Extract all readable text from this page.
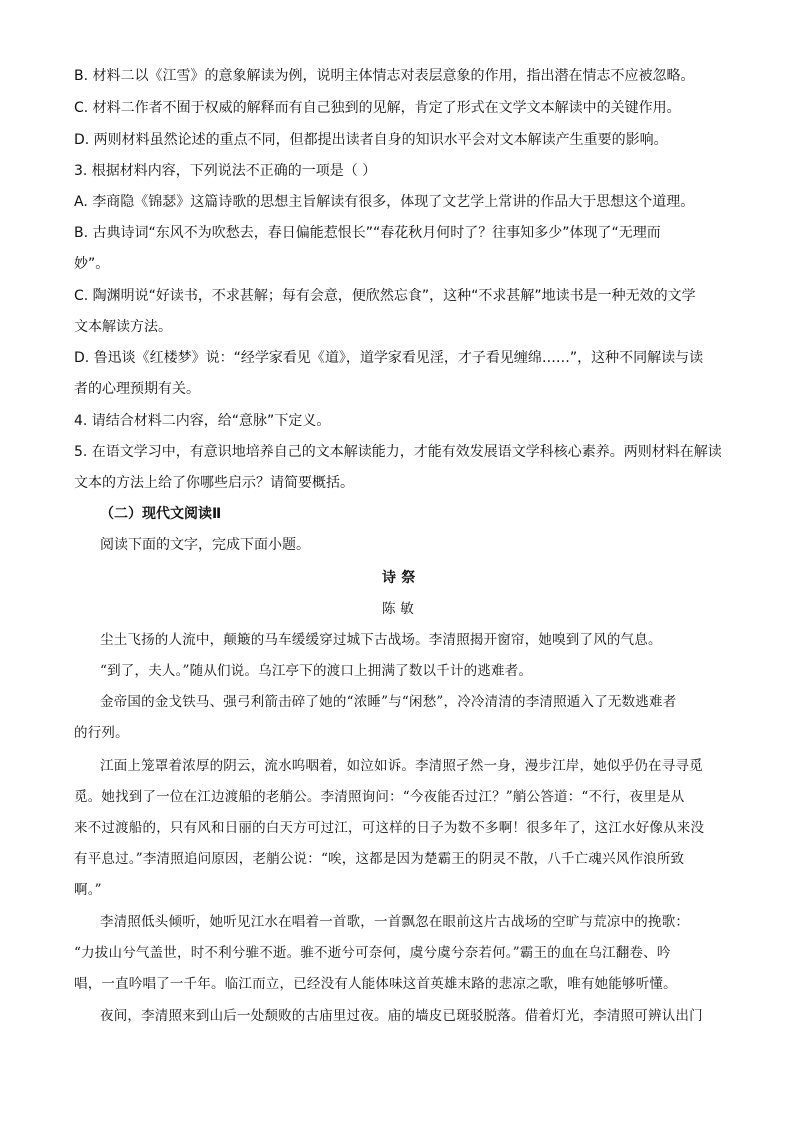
B. 材料二以《江雪》的意象解读为例，说明主体情志对表层意象的作用，指出潜在情志不应被忽略。
C. 材料二作者不囿于权威的解释而有自己独到的见解，肯定了形式在文学文本解读中的关键作用。
D. 两则材料虽然论述的重点不同，但都提出读者自身的知识水平会对文本解读产生重要的影响。
3. 根据材料内容，下列说法不正确的一项是（ ）
A. 李商隐《锦瑟》这篇诗歌的思想主旨解读有很多，体现了文艺学上常讲的作品大于思想这个道理。
B. 古典诗词“东风不为吹愁去，春日偏能惹恨长”“春花秋月何时了？往事知多少”体现了“无理而
妙”。
C. 陶渊明说“好读书，不求甚解；每有会意，便欣然忘食”，这种“不求甚解”地读书是一种无效的文学
文本解读方法。
D. 鲁迅谈《红楼梦》说：“经学家看见《道》，道学家看见淫，才子看见缠绵……”，这种不同解读与读
者的心理预期有关。
4. 请结合材料二内容，给“意脉”下定义。
5. 在语文学习中，有意识地培养自己的文本解读能力，才能有效发展语文学科核心素养。两则材料在解读
文本的方法上给了你哪些启示？请简要概括。
（二）现代文阅读Ⅱ
阅读下面的文字，完成下面小题。
诗 祭
陈 敏
尘土飞扬的人流中，颠簸的马车缓缓穿过城下古战场。李清照揭开窗帘，她嗅到了风的气息。
“到了，夫人。”随从们说。乌江亭下的渡口上拥满了数以千计的逃难者。
金帝国的金戈铁马、强弓利箭击碎了她的“浓睡”与“闲愁”，冷冷清清的李清照遁入了无数逃难者
的行列。
江面上笼罩着浓厚的阴云，流水呜咽着，如泣如诉。李清照孑然一身，漫步江岸，她似乎仍在寻寻觅
觅。她找到了一位在江边渡船的老艄公。李清照询问：“今夜能否过江？”艄公答道：“不行，夜里是从
来不过渡船的，只有风和日丽的白天方可过江，可这样的日子为数不多啊！很多年了，这江水好像从来没
有平息过。”李清照追问原因，老艄公说：“唉，这都是因为楚霸王的阴灵不散，八千亡魂兴风作浪所致
啊。”
李清照低头倾听，她听见江水在唱着一首歌，一首飘忽在眼前这片古战场的空旷与荒凉中的挽歌：
“力拔山兮气盖世，时不利兮骓不逝。骓不逝兮可奈何，虞兮虞兮奈若何。”霸王的血在乌江翻卷、吟
唱，一直吟唱了一千年。临江而立，已经没有人能体味这首英雄末路的悲凉之歌，唯有她能够听懂。
夜间，李清照来到山后一处颓败的古庙里过夜。庙的墙皮已斑驳脱落。借着灯光，李清照可辨认出门
